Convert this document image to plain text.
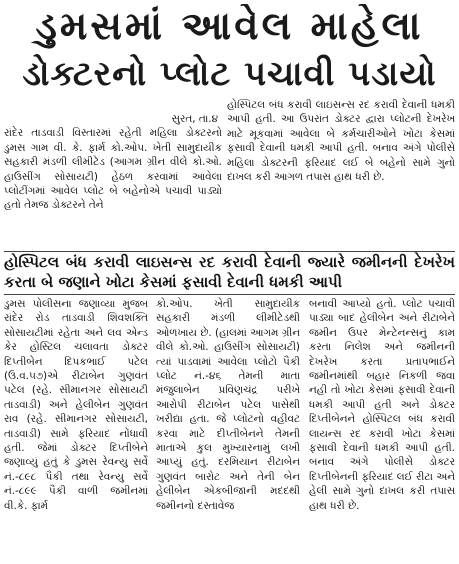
ડુમસમાં આવેલ માહેલા
ડોક્ટરનો પ્લોટ પચાવી પડાયો

સુરત, તા.૪

રાંદેર તાડવાડી વિસ્તારમાં રહેતી મહિલા ડોક્ટરનો ડુમસ ગામ વી. કે. ફાર્મ કો.ઓપ. ખેતી સામુદાયીક સહકારી મંડળી લીમીટેડ (આગમ ગ્રીન વીલે કો.ઓ. હાઉસીંગ સોસાયટી) હેઠળ કરવામાં આવેલા પ્લોટીંગમાં આવેલ પ્લોટ બે બહેનોએ પચાવી પાડ્યો હતો તેમજ ડોક્ટરને તેને

હોસ્પિટલ બંધ કરાવી લાઇસન્સ રદ કરાવી દેવાની ધમકી આપી હતી. આ ઉપરાંત ડોક્ટર દ્વારા પ્લોટની દેખરેખ માટે મૂકવામાં આવેલા બે કર્મચારીઓને ખોટા કેસમાં ફસાવી દેવાની ધમકી આપી હતી. બનાવ અંગે પોલીસે મહિલા ડોક્ટરની ફરિયાદ લઈ બે બહેનો સામે ગુનો દાખલ કરી આગળ તપાસ હાથ ધરી છે.

હોસ્પિટલ બંધ કરાવી લાઇસન્સ રદ કરાવી દેવાની જ્યારે જમીનની દેખરેખ કરતા બે જણાને ખોટા કેસમાં ફસાવી દેવાની ધમકી આપી

ડુમસ પોલીસના જણાવ્યા મુજબ રાંદેર રોડ તાડવાડી શિવશક્તિ સોસાયટીમાં રહેતા અને લવ એન્ડ કેર હોસ્ટિલ ચલાવતા ડોક્ટર દિપ્તીબેન દિપકભાઈ પટેલ (ઉ.વ.૫૭)એ રીટાબેન ગુણવંત પટેલ (રહે. સીમાનગર સોસાયટી તાડવાડી) અને હેલીબેન ગુણવંત રાવ (રહે. સીમાનગર સોસાયટી, તાડવાડી) સામે ફરિયાદ નોંધાવી હતી. જેમાં ડોક્ટર દિપ્તીબેને જણાવ્યું હતું કે ડુમસ રેવન્યુ સર્વે નં.-૮૯૮ પૈકી તથા રેવન્યુ સર્વે નં.-૮૯૯ પૈકી વાળી જમીનમાં વી.કે. ફાર્મ

કો.ઓપ. ખેતી સામુદાયીક સહકારી મંડળી લીમીટેડથી ઓળખાય છે. (હાલમાં આગમ ગ્રીન વીલે કો.ઓ. હાઉસીંગ સોસાયટી) ત્યાં પાડવામાં આવેલા પ્લોટો પૈકી પ્લોટ નં.-૪૬ તેમની માતા મંજુલાબેન પ્રવિણચંદ્ર પરીખે આરોપી રીટાબેન પટેલ પાસેથી ખરીદ્યા હતા. જે પ્લોટનો વહીવટ કરવા માટે દીપ્તીબેનને તેમની માતાએ કુલ મુખ્યારનામું લખી આપ્યું હતું. દરમિયાન રીટાબેન ગુણવંત બારોટ અને તેની બેન હેલીબેન એકબીજાની મદદથી જમીનનો દસ્તાવેજ

બનાવી આપ્યો હતો. પ્લોટ પચાવી પાડ્યા બાદ હેલીબેન અને રીટાબેને જમીન ઉપર મેન્ટેનન્સનું કામ કરતા નિલેશ અને જમીનની દેખરેખ કરતા પ્રતાપભાઈને જમીનમાંથી બહાર નિકળી જવા નહી તો ખોટા કેસમાં ફસાવી દેવાની ધમકી આપી હતી અને ડોક્ટર દિપ્તીબેનને હોસ્પિટલ બંધ કરાવી લાયન્સ રદ કરાવી ખોટા કેસમાં ફસાવી દેવાની ધમકી આપી હતી. બનાવ અંગે પોલીસે ડોક્ટર દિપ્તીબેનની ફરિયાદ લઈ રીટા અને હેલી સામે ગુનો દાખલ કરી તપાસ હાથ ધરી છે.
